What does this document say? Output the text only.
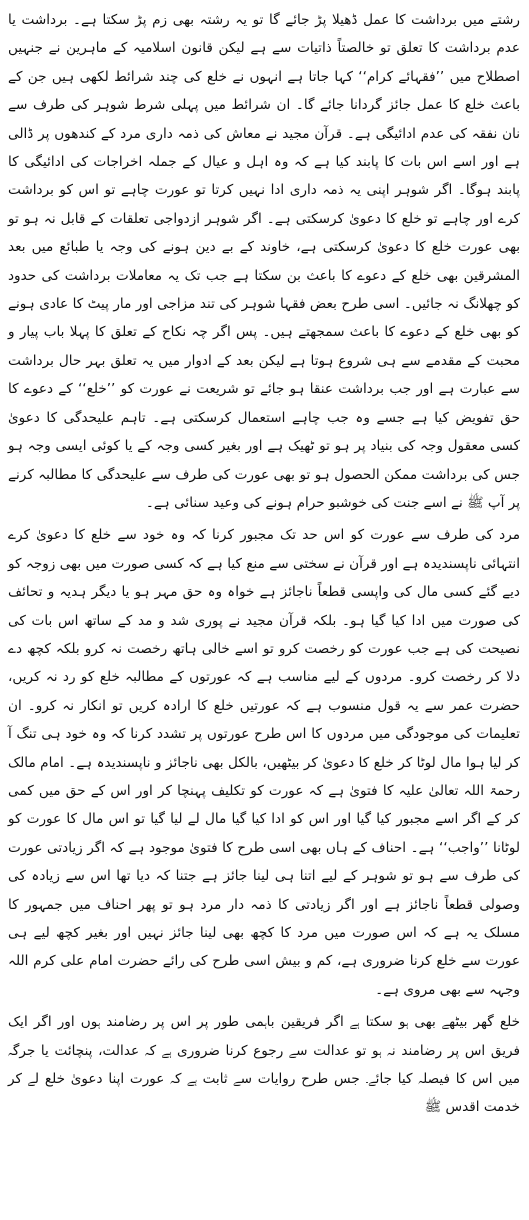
رشتے میں برداشت کا عمل ڈھیلا پڑ جائے گا تو یہ رشتہ بھی زم پڑ سکتا ہے۔ برداشت یا عدم برداشت کا تعلق تو خالصتاً ذاتیات سے ہے لیکن قانون اسلامیہ کے ماہرین نے جنہیں اصطلاح میں ’’فقہائے کرام‘‘ کہا جاتا ہے انہوں نے خلع کی چند شرائط لکھی ہیں جن کے باعث خلع کا عمل جائز گردانا جائے گا۔ ان شرائط میں پہلی شرط شوہر کی طرف سے نان نفقہ کی عدم ادائیگی ہے۔ قرآن مجید نے معاش کی ذمہ داری مرد کے کندھوں پر ڈالی ہے اور اسے اس بات کا پابند کیا ہے کہ وہ اہل و عیال کے جملہ اخراجات کی ادائیگی کا پابند ہوگا۔ اگر شوہر اپنی یہ ذمہ داری ادا نہیں کرتا تو عورت چاہے تو اس کو برداشت کرے اور چاہے تو خلع کا دعویٰ کرسکتی ہے۔ اگر شوہر ازدواجی تعلقات کے قابل نہ ہو تو بھی عورت خلع کا دعویٰ کرسکتی ہے، خاوند کے بے دین ہونے کی وجہ یا طبائع میں بعد المشرقین بھی خلع کے دعوے کا باعث بن سکتا ہے جب تک یہ معاملات برداشت کی حدود کو چھلانگ نہ جائیں۔ اسی طرح بعض فقہا شوہر کی تند مزاجی اور مار پیٹ کا عادی ہونے کو بھی خلع کے دعوے کا باعث سمجھتے ہیں۔ پس اگر چہ نکاح کے تعلق کا پہلا باب پیار و محبت کے مقدمے سے ہی شروع ہوتا ہے لیکن بعد کے ادوار میں یہ تعلق بہر حال برداشت سے عبارت ہے اور جب برداشت عنقا ہو جائے تو شریعت نے عورت کو ’’خلع‘‘ کے دعوے کا حق تفویض کیا ہے جسے وہ جب چاہے استعمال کرسکتی ہے۔ تاہم علیحدگی کا دعویٰ کسی معقول وجہ کی بنیاد پر ہو تو ٹھیک ہے اور بغیر کسی وجہ کے یا کوئی ایسی وجہ ہو جس کی برداشت ممکن الحصول ہو تو بھی عورت کی طرف سے علیحدگی کا مطالبہ کرنے پر آپ ﷺ نے اسے جنت کی خوشبو حرام ہونے کی وعید سنائی ہے۔

مرد کی طرف سے عورت کو اس حد تک مجبور کرنا کہ وہ خود سے خلع کا دعویٰ کرے انتہائی ناپسندیدہ ہے اور قرآن نے سختی سے منع کیا ہے کہ کسی صورت میں بھی زوجہ کو دیے گئے کسی مال کی واپسی قطعاً ناجائز ہے خواہ وہ حق مہر ہو یا دیگر ہدیہ و تحائف کی صورت میں ادا کیا گیا ہو۔ بلکہ قرآن مجید نے پوری شد و مد کے ساتھ اس بات کی نصیحت کی ہے جب عورت کو رخصت کرو تو اسے خالی ہاتھ رخصت نہ کرو بلکہ کچھ دے دلا کر رخصت کرو۔ مردوں کے لیے مناسب ہے کہ عورتوں کے مطالبہ خلع کو رد نہ کریں، حضرت عمر سے یہ قول منسوب ہے کہ عورتیں خلع کا ارادہ کریں تو انکار نہ کرو۔ ان تعلیمات کی موجودگی میں مردوں کا اس طرح عورتوں پر تشدد کرنا کہ وہ خود ہی تنگ آ کر لیا ہوا مال لوٹا کر خلع کا دعویٰ کر بیٹھیں، بالکل بھی ناجائز و ناپسندیدہ ہے۔ امام مالک رحمۃ اللہ تعالیٰ علیہ کا فتویٰ ہے کہ عورت کو تکلیف پہنچا کر اور اس کے حق میں کمی کر کے اگر اسے مجبور کیا گیا اور اس کو ادا کیا گیا مال لے لیا گیا تو اس مال کا عورت کو لوٹانا ’’واجب‘‘ ہے۔ احناف کے ہاں بھی اسی طرح کا فتویٰ موجود ہے کہ اگر زیادتی عورت کی طرف سے ہو تو شوہر کے لیے اتنا ہی لینا جائز ہے جتنا کہ دیا تھا اس سے زیادہ کی وصولی قطعاً ناجائز ہے اور اگر زیادتی کا ذمہ دار مرد ہو تو پھر احناف میں جمہور کا مسلک یہ ہے کہ اس صورت میں مرد کا کچھ بھی لینا جائز نہیں اور بغیر کچھ لیے ہی عورت سے خلع کرنا ضروری ہے، کم و بیش اسی طرح کی رائے حضرت امام علی کرم اللہ وجہہ سے بھی مروی ہے۔

خلع گھر بیٹھے بھی ہو سکتا ہے اگر فریقین باہمی طور پر اس پر رضامند ہوں اور اگر ایک فریق اس پر رضامند نہ ہو تو عدالت سے رجوع کرنا ضروری ہے کہ عدالت، پنچائت یا جرگہ میں اس کا فیصلہ کیا جائے۔ جس طرح روایات سے ثابت ہے کہ عورت اپنا دعویٰ خلع لے کر خدمت اقدس ﷺ
